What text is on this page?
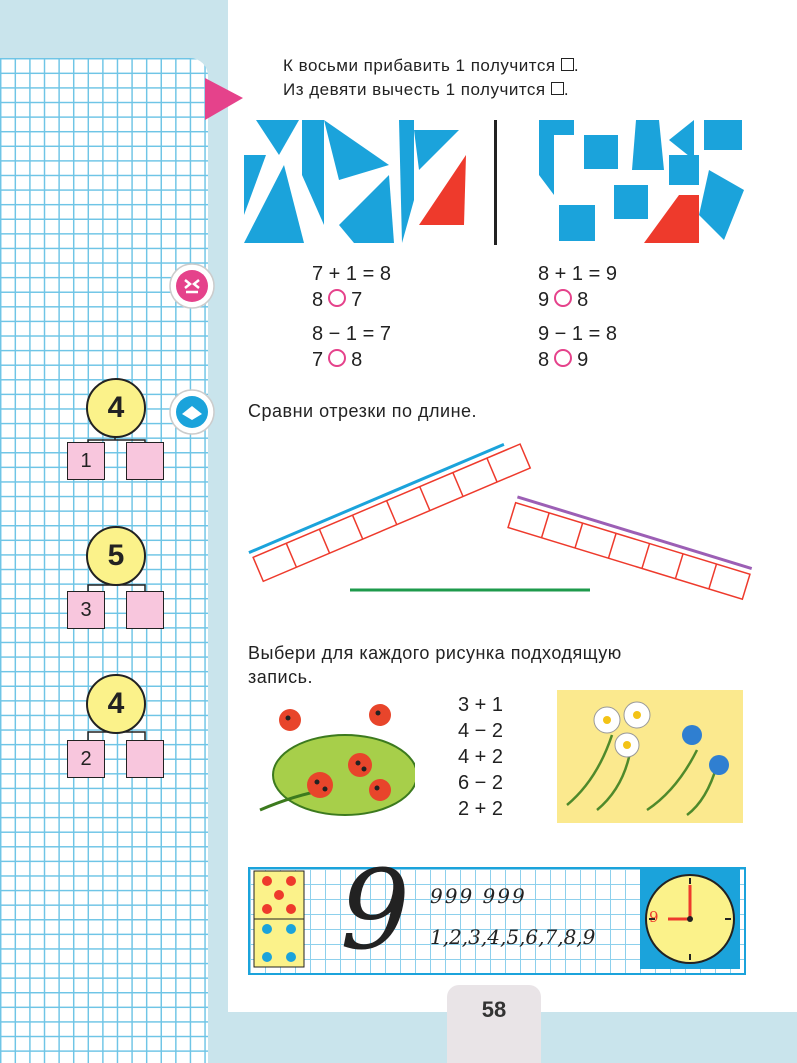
4
1
5
3
4
2
К восьми прибавить 1 получится .
Из девяти вычесть 1 получится .
7 + 1 = 8
8 7
8 − 1 = 7
7 8
8 + 1 = 9
9 8
9 − 1 = 8
8 9
Сравни отрезки по длине.
Выбери для каждого рисунка подходящую
запись.
3 + 1
4 − 2
4 + 2
6 − 2
2 + 2
9 999 999
1,2,3,4,5,6,7,8,9
9
58
